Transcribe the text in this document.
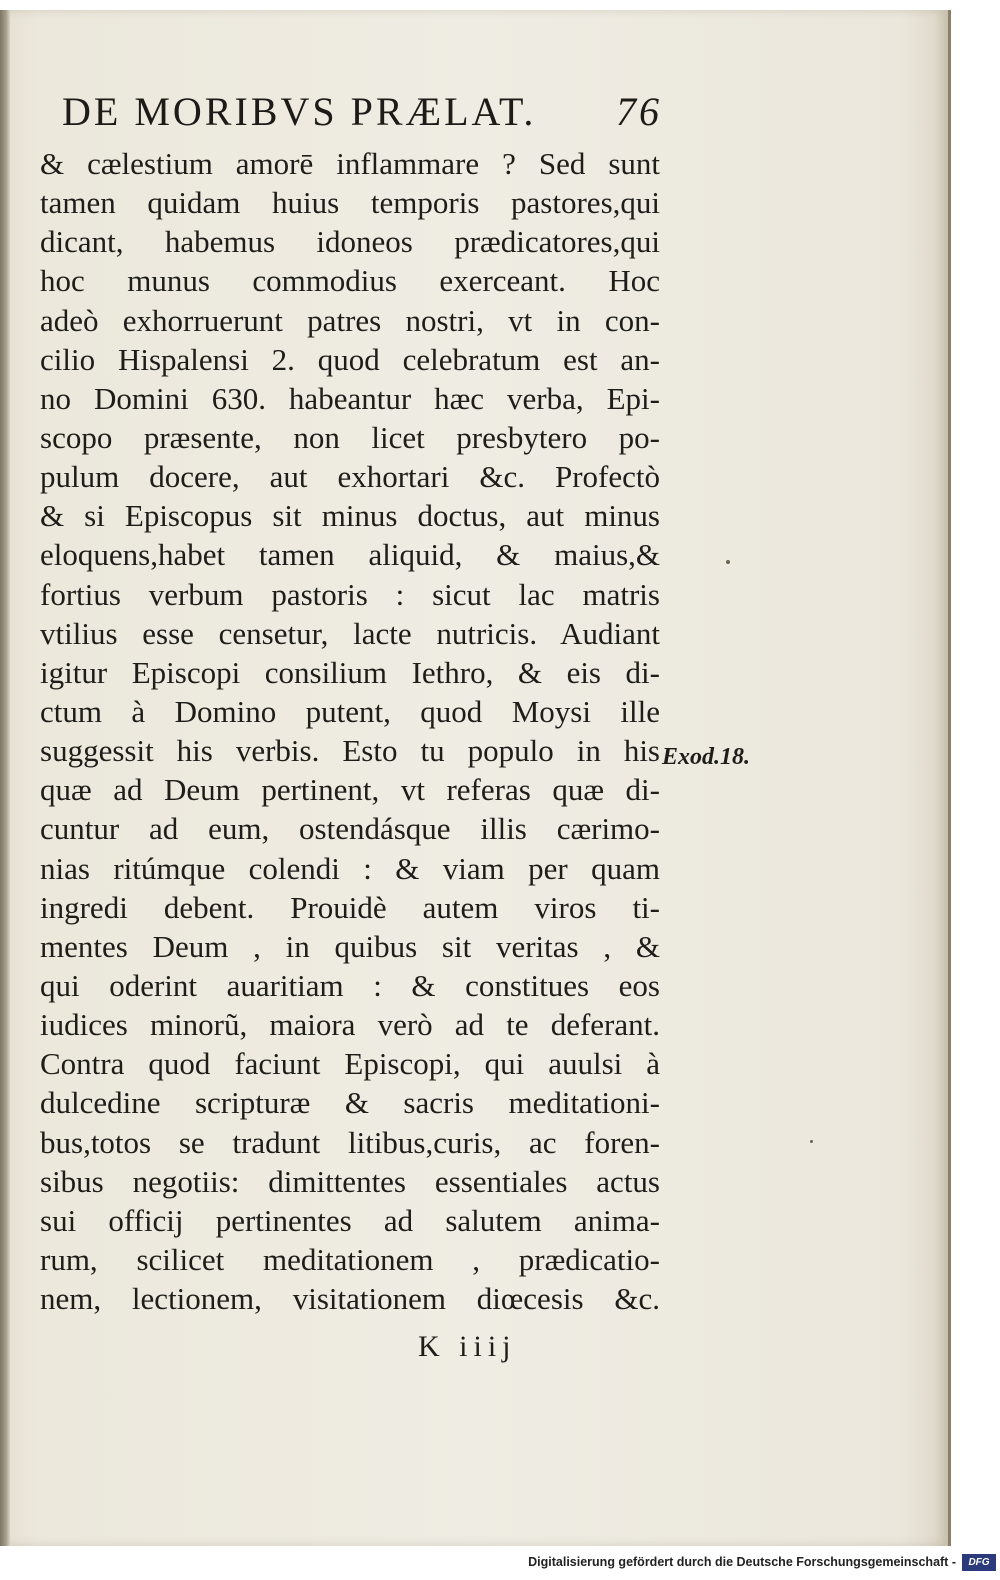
DE MORIBVS PRÆLAT. 76
& cælestium amorē inflammare ? Sed sunt
tamen quidam huius temporis pastores,qui
dicant, habemus idoneos prædicatores,qui
hoc munus commodius exerceant. Hoc
adeò exhorruerunt patres nostri, vt in con-
cilio Hispalensi 2. quod celebratum est an-
no Domini 630. habeantur hæc verba, Epi-
scopo præsente, non licet presbytero po-
pulum docere, aut exhortari &c. Profectò
& si Episcopus sit minus doctus, aut minus
eloquens,habet tamen aliquid, & maius,&
fortius verbum pastoris : sicut lac matris
vtilius esse censetur, lacte nutricis. Audiant
igitur Episcopi consilium Iethro, & eis di-
ctum à Domino putent, quod Moysi ille
suggessit his verbis. Esto tu populo in his
quæ ad Deum pertinent, vt referas quæ di-
cuntur ad eum, ostendásque illis cærimo-
nias ritúmque colendi : & viam per quam
ingredi debent. Prouidè autem viros ti-
mentes Deum , in quibus sit veritas , &
qui oderint auaritiam : & constitues eos
iudices minorũ, maiora verò ad te deferant.
Contra quod faciunt Episcopi, qui auulsi à
dulcedine scripturæ & sacris meditationi-
bus,totos se tradunt litibus,curis, ac foren-
sibus negotiis: dimittentes essentiales actus
sui officij pertinentes ad salutem anima-
rum, scilicet meditationem , prædicatio-
nem, lectionem, visitationem diœcesis &c.
Exod.18.
K iiij
Digitalisierung gefördert durch die Deutsche Forschungsgemeinschaft -	DFG
